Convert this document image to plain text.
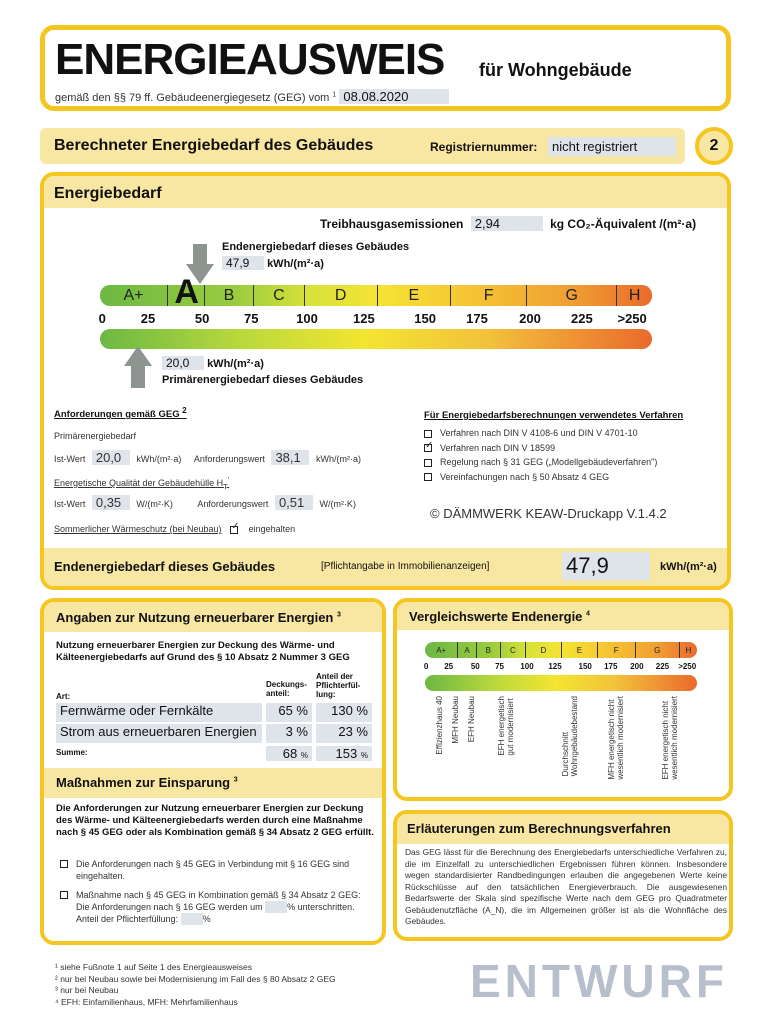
ENERGIEAUSWEIS für Wohngebäude
gemäß den §§ 79 ff. Gebäudeenergiegesetz (GEG) vom $^1$ 08.08.2020
Berechneter Energiebedarf des Gebäudes	Registriernummer:	nicht registriert	2
Energiebedarf
Treibhausgasemissionen 2,94	kg CO₂-Äquivalent /(m²·a)
Endenergiebedarf dieses Gebäudes
47,9 kWh/(m²·a)
A+	B	C	D	E	F	G	H
A
0	25	50	75	100	125	150 175 200 225 >250
20,0 kWh/(m²·a)
Primärenergiebedarf dieses Gebäudes
Anforderungen gemäß GEG $^2$
Primärenergiebedarf
Ist-Wert 20,0 kWh/(m²·a) Anforderungswert 38,1 kWh/(m²·a)
Energetische Qualität der Gebäudehülle $H_T'$
Ist-Wert 0,35 W/(m²·K)	Anforderungswert 0,51 W/(m²·K)
Sommerlicher Wärmeschutz (bei Neubau) ✓	eingehalten
Für Energiebedarfsberechnungen verwendetes Verfahren
Verfahren nach DIN V 4108-6 und DIN V 4701-10
✓Verfahren nach DIN V 18599
Regelung nach § 31 GEG („Modellgebäudeverfahren")
Vereinfachungen nach § 50 Absatz 4 GEG
Endenergiebedarf dieses Gebäudes	[Pflichtangabe in Immobilienanzeigen]	47,9	kWh/(m²·a)
Angaben zur Nutzung erneuerbarer Energien $^3$
Nutzung erneuerbarer Energien zur Deckung des Wärme- und Kälteenergiebedarfs auf Grund des § 10 Absatz 2 Nummer 3 GEG
Art:
Deckungs-anteil:
Anteil der Pflichterfül-lung:
Fernwärme oder Fernkälte	65 %	130 %
Strom aus erneuerbaren Energien	3 %	23 %
Summe:	68 %	153 %
Maßnahmen zur Einsparung $^3$
Die Anforderungen zur Nutzung erneuerbarer Energien zur Deckung des Wärme- und Kälteenergiebedarfs werden durch eine Maßnahme nach § 45 GEG oder als Kombination gemäß § 34 Absatz 2 GEG erfüllt.
Die Anforderungen nach § 45 GEG in Verbindung mit § 16 GEG sind eingehalten.
Maßnahme nach § 45 GEG in Kombination gemäß § 34 Absatz 2 GEG: Die Anforderungen nach § 16 GEG werden um	% unterschritten. Anteil der Pflichterfüllung:	%
Vergleichswerte Endenergie $^4$
A+	A	B	C	D	E	F	G	H
0 25 50 75 100 125 150 175 200 225 >250
Effizienzhaus 40 MFH Neubau EFH Neubau
EFH energetisch
gut modernisiert
Durchschnitt
Wohngebäudebestand	MFH energetisch nicht
wesentlich modernisiert
EFH energetisch nicht
wesentlich modernisiert
Erläuterungen zum Berechnungsverfahren
Das GEG lässt für die Berechnung des Energiebedarfs unterschiedliche Verfahren zu, die im Einzelfall zu unterschiedlichen Ergebnissen führen können. Insbesondere wegen standardisierter Randbedingungen erlauben die angegebenen Werte keine Rückschlüsse auf den tatsächlichen Energieverbrauch. Die ausgewiesenen Bedarfswerte der Skala sind spezifische Werte nach dem GEG pro Quadratmeter Gebäudenutzfläche (A_N), die im Allgemeinen größer ist als die Wohnfläche des Gebäudes.
¹ siehe Fußnote 1 auf Seite 1 des Energieausweises
² nur bei Neubau sowie bei Modernisierung im Fall des § 80 Absatz 2 GEG
³ nur bei Neubau
⁴ EFH: Einfamilienhaus, MFH: Mehrfamilienhaus	ENTWURF
© DÄMMWERK KEAW-Druckapp V.1.4.2
